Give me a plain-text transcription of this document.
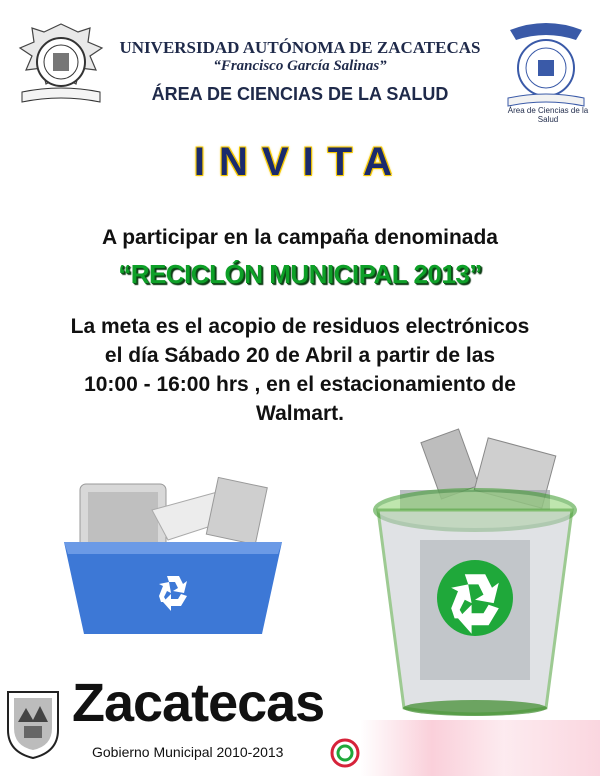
UNIVERSIDAD AUTÓNOMA DE ZACATECAS
“Francisco García Salinas”
ÁREA DE CIENCIAS DE LA SALUD
Área de Ciencias de la Salud
INVITA
A participar en la campaña denominada
“RECICLÓN MUNICIPAL 2013”
La meta es el acopio de residuos electrónicos
el día Sábado 20 de Abril a partir de las
10:00 - 16:00 hrs , en el estacionamiento de
Walmart.
Zacatecas
Gobierno Municipal 2010-2013
